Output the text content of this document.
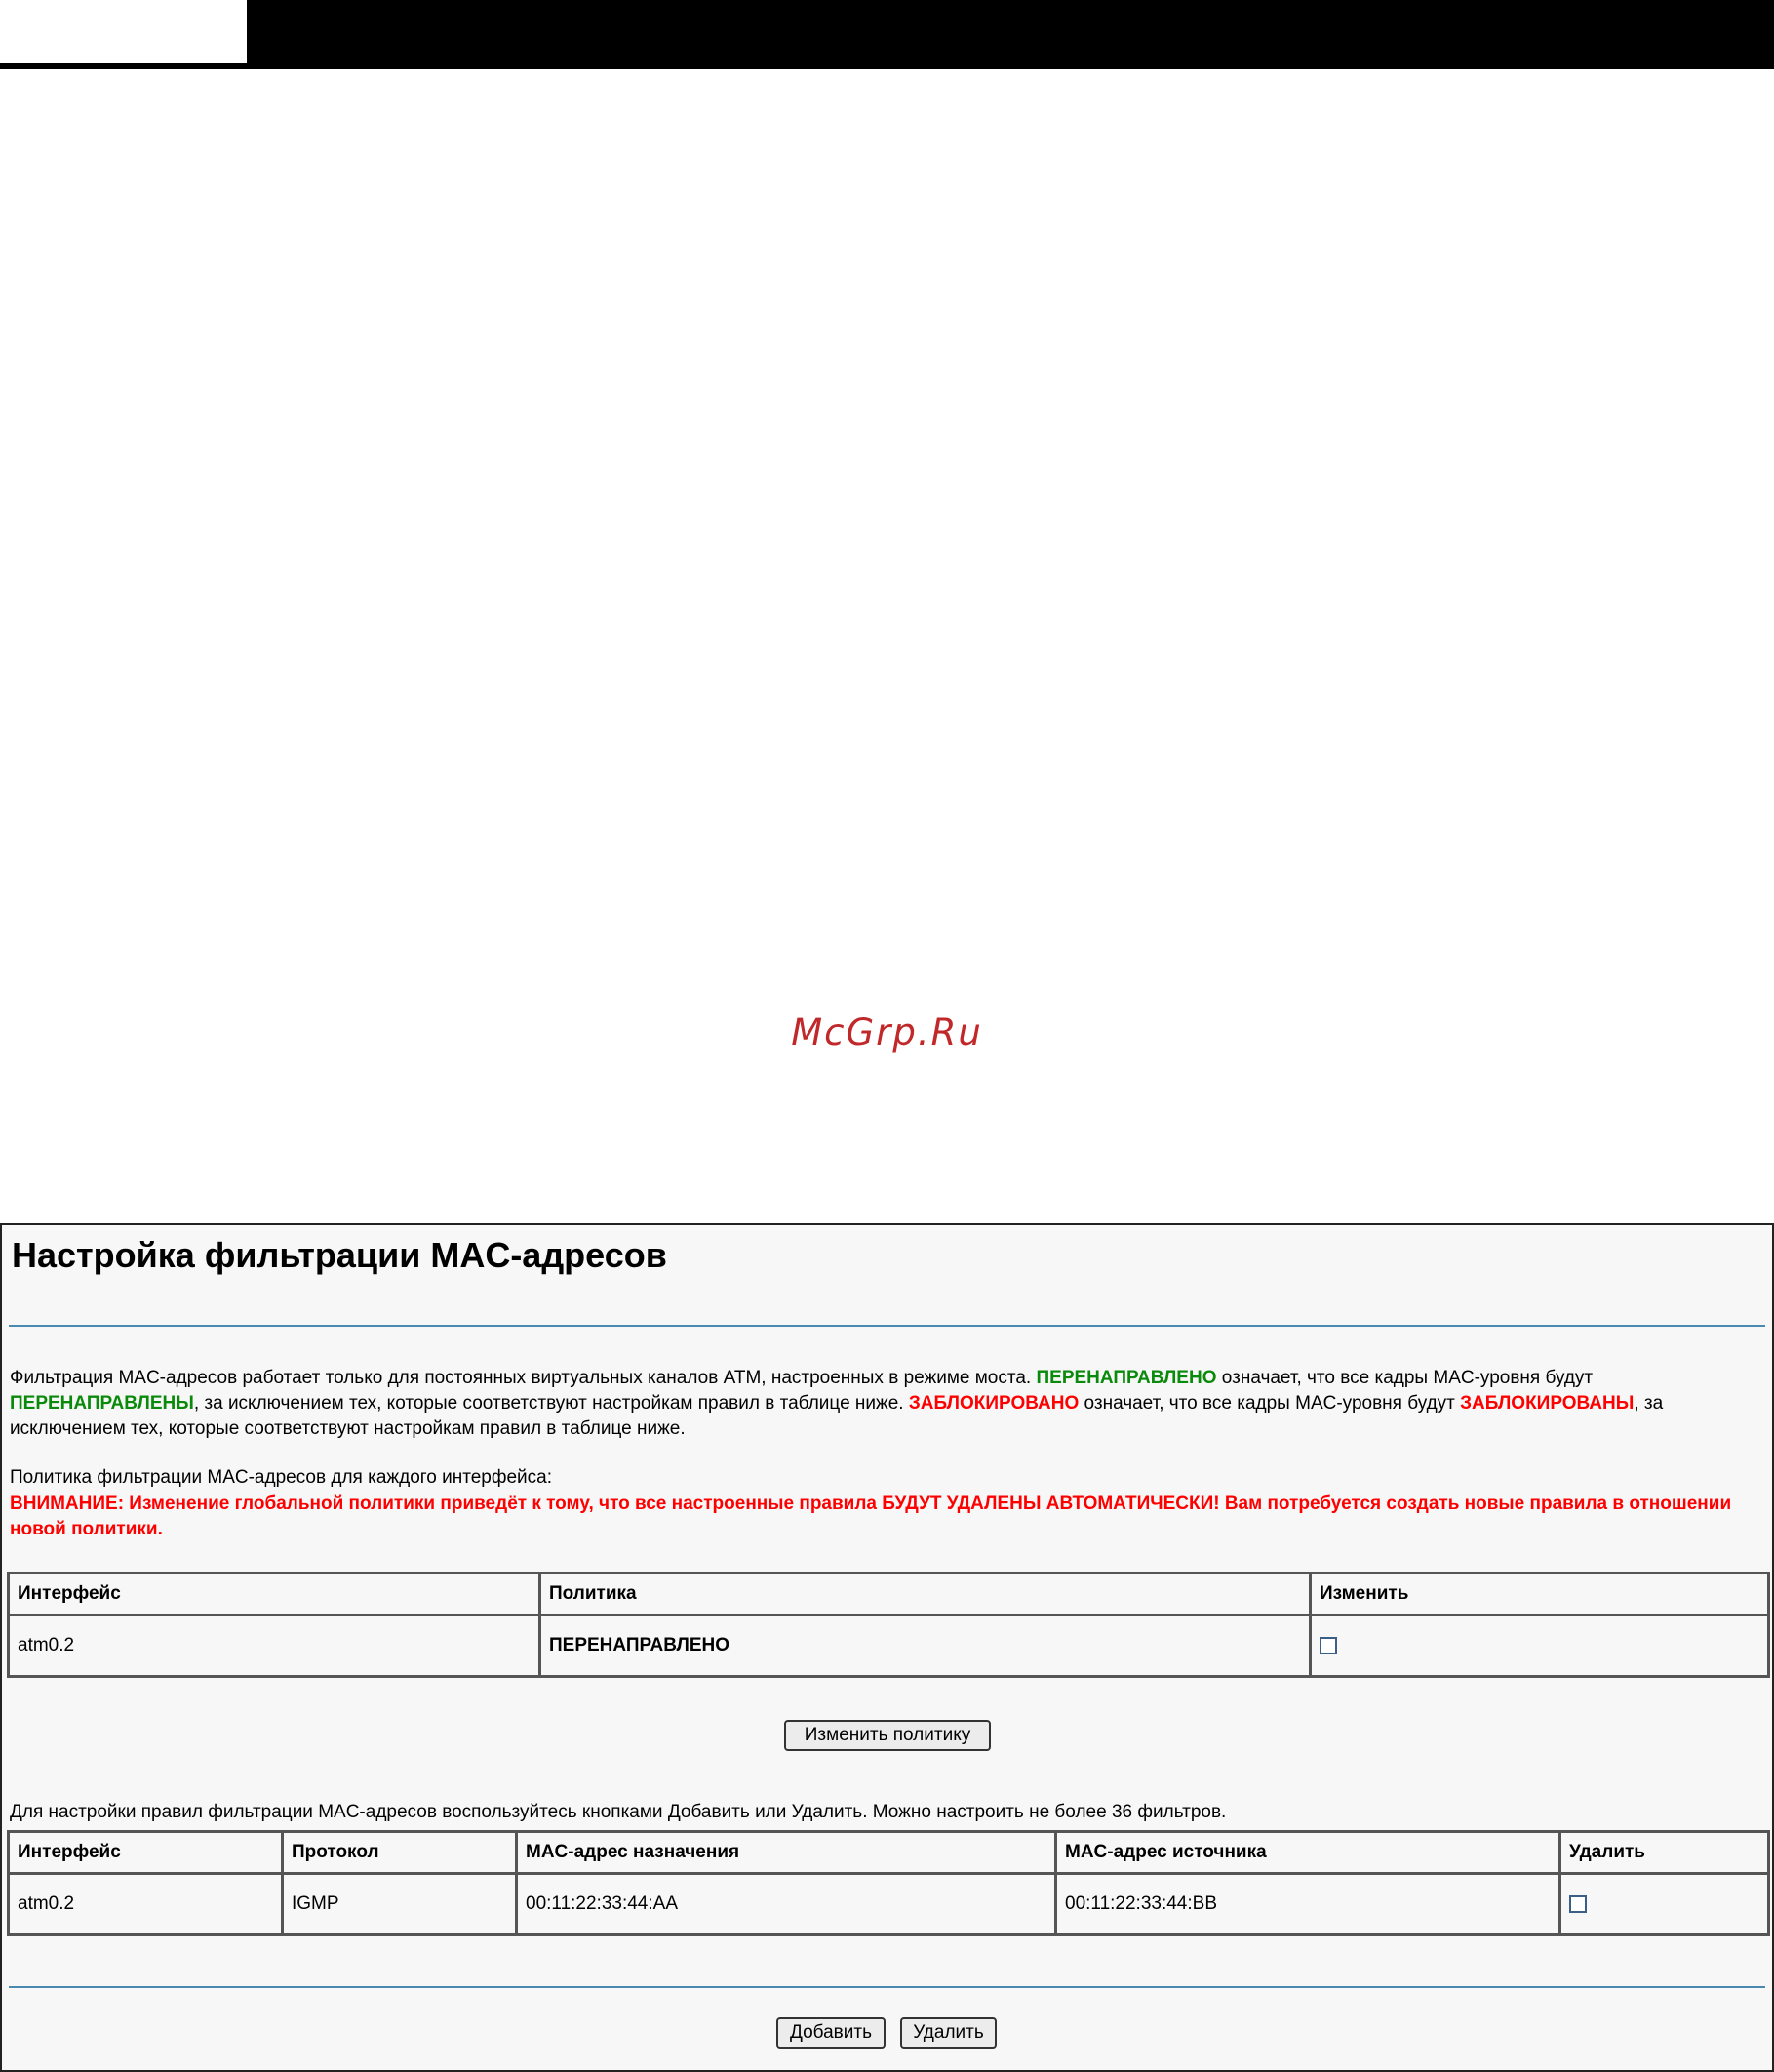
McGrp.Ru
Настройка фильтрации MAC-адресов

Фильтрация MAC-адресов работает только для постоянных виртуальных каналов ATM, настроенных в режиме моста. ПЕРЕНАПРАВЛЕНО означает, что все кадры MAC-уровня будут ПЕРЕНАПРАВЛЕНЫ, за исключением тех, которые соответствуют настройкам правил в таблице ниже. ЗАБЛОКИРОВАНО означает, что все кадры MAC-уровня будут ЗАБЛОКИРОВАНЫ, за исключением тех, которые соответствуют настройкам правил в таблице ниже.

Политика фильтрации MAC-адресов для каждого интерфейса:

ВНИМАНИЕ: Изменение глобальной политики приведёт к тому, что все настроенные правила БУДУТ УДАЛЕНЫ АВТОМАТИЧЕСКИ! Вам потребуется создать новые правила в отношении новой политики.

Интерфейс	Политика	Изменить
atm0.2	ПЕРЕНАПРАВЛЕНО	
Изменить политику

Для настройки правил фильтрации MAC-адресов воспользуйтесь кнопками Добавить или Удалить. Можно настроить не более 36 фильтров.

Интерфейс	Протокол	MAC-адрес назначения	MAC-адрес источника	Удалить
atm0.2	IGMP	00:11:22:33:44:AA	00:11:22:33:44:BB	
Добавить	Удалить
